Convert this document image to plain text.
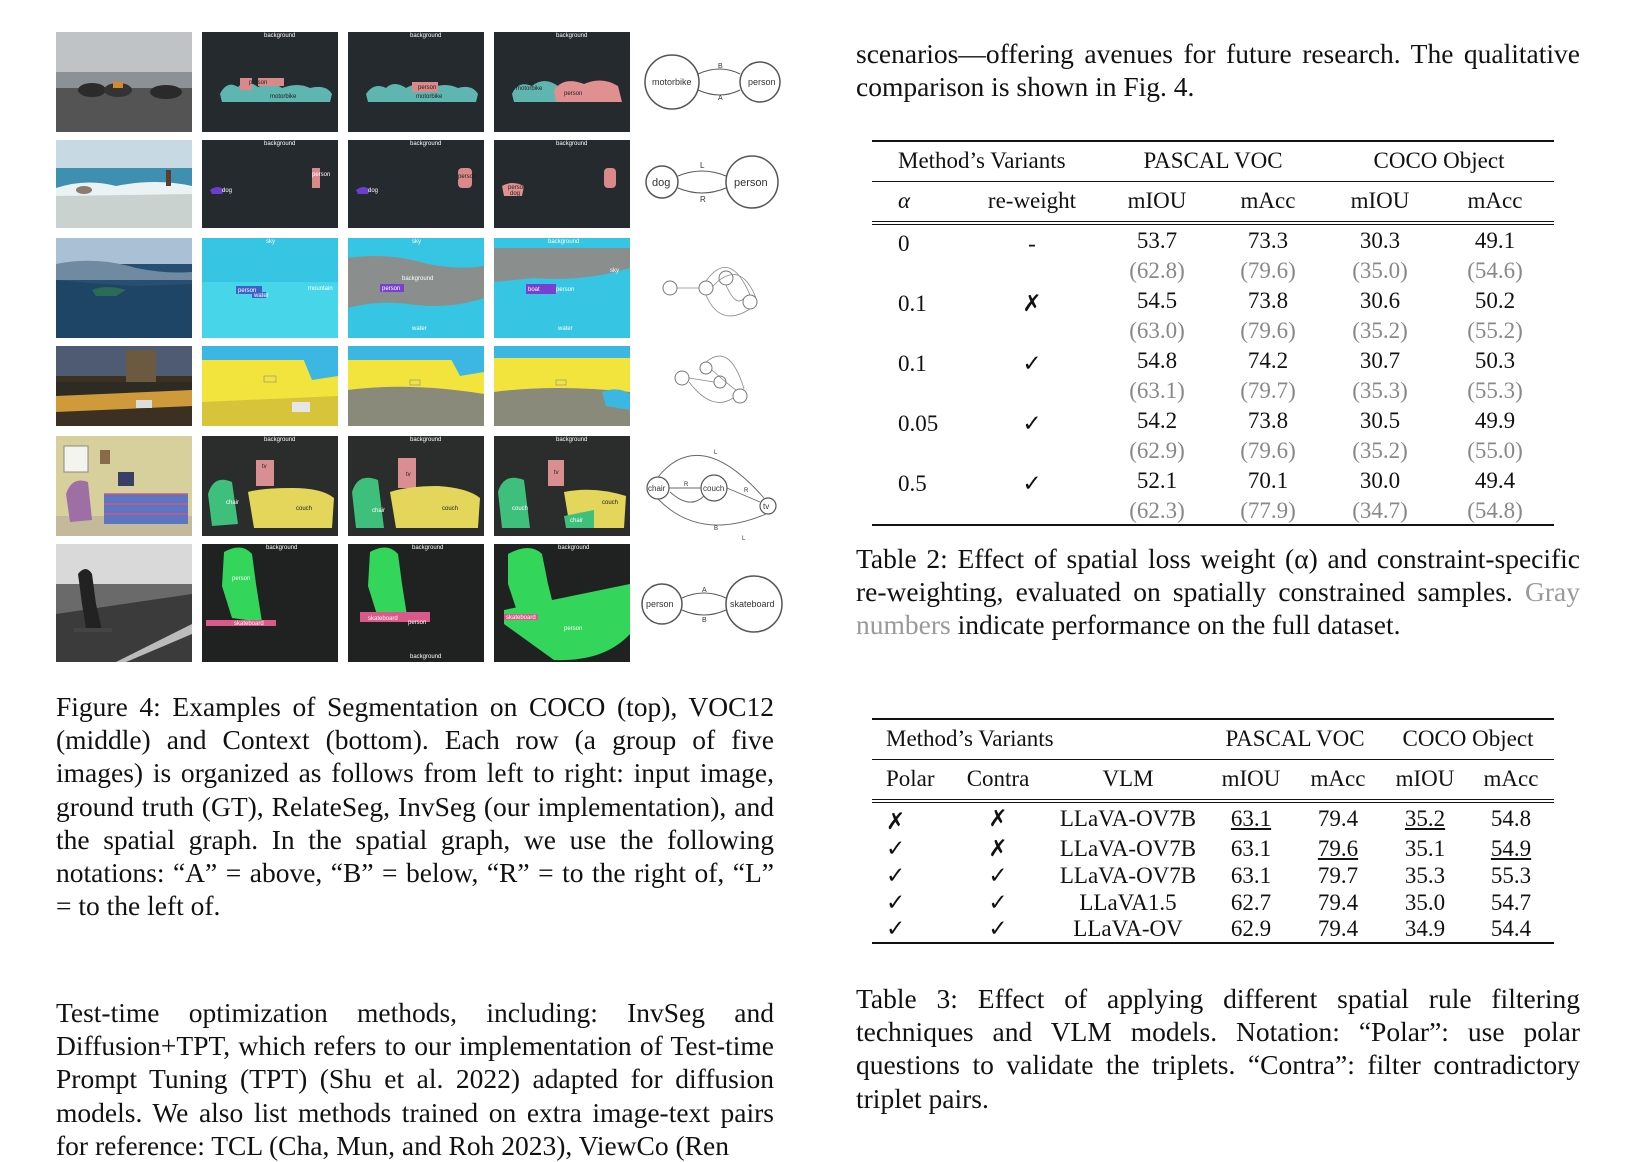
background
person
motorbike
background
person
motorbike
background
motorbike
person
motorbike	person
B
A
background
dog
person
background
dog
person
background
person
dog
dog	person
L
R
sky
person
water
mountain
sky
background
person
water
background
sky
boat	person
water
background
tv
chair
couch
background
tv
chair	couch
background
tv
couch
chair
couch
chair	couch
tv
R
R
L
B
L
background
person
skateboard
background
skateboard
person
background
background
skateboard
person
person	skateboard
A
B

Figure 4: Examples of Segmentation on COCO (top), VOC12 (middle) and Context (bottom). Each row (a group of five images) is organized as follows from left to right: input image, ground truth (GT), RelateSeg, InvSeg (our implementation), and the spatial graph. In the spatial graph, we use the following notations: “A” = above, “B” = below, “R” = to the right of, “L” = to the left of.

Test-time optimization methods, including: InvSeg and Diffusion+TPT, which refers to our implementation of Test-time Prompt Tuning (TPT) (Shu et al. 2022) adapted for diffusion models. We also list methods trained on extra image-text pairs for reference: TCL (Cha, Mun, and Roh 2023), ViewCo (Ren

scenarios—offering avenues for future research. The qualitative comparison is shown in Fig. 4.

Method’s Variants		PASCAL VOC		COCO Object	
α	re-weight	mIOU	mAcc	mIOU	mAcc
0	-	53.7	73.3	30.3	49.1
		(62.8)	(79.6)	(35.0)	(54.6)
0.1	✗	54.5	73.8	30.6	50.2
		(63.0)	(79.6)	(35.2)	(55.2)
0.1	✓	54.8	74.2	30.7	50.3
		(63.1)	(79.7)	(35.3)	(55.3)
0.05	✓	54.2	73.8	30.5	49.9
		(62.9)	(79.6)	(35.2)	(55.0)
0.5	✓	52.1	70.1	30.0	49.4
		(62.3)	(77.9)	(34.7)	(54.8)

Table 2: Effect of spatial loss weight (α) and constraint-specific re-weighting, evaluated on spatially constrained samples. Gray numbers indicate performance on the full dataset.

Method’s Variants			PASCAL VOC		COCO Object	
Polar	Contra	VLM	mIOU	mAcc	mIOU	mAcc
✗	✗	LLaVA-OV7B	63.1	79.4	35.2	54.8
✓	✗	LLaVA-OV7B	63.1	79.6	35.1	54.9
✓	✓	LLaVA-OV7B	63.1	79.7	35.3	55.3
✓	✓	LLaVA1.5	62.7	79.4	35.0	54.7
✓	✓	LLaVA-OV	62.9	79.4	34.9	54.4

Table 3: Effect of applying different spatial rule filtering techniques and VLM models. Notation: “Polar”: use polar questions to validate the triplets. “Contra”: filter contradictory triplet pairs.
